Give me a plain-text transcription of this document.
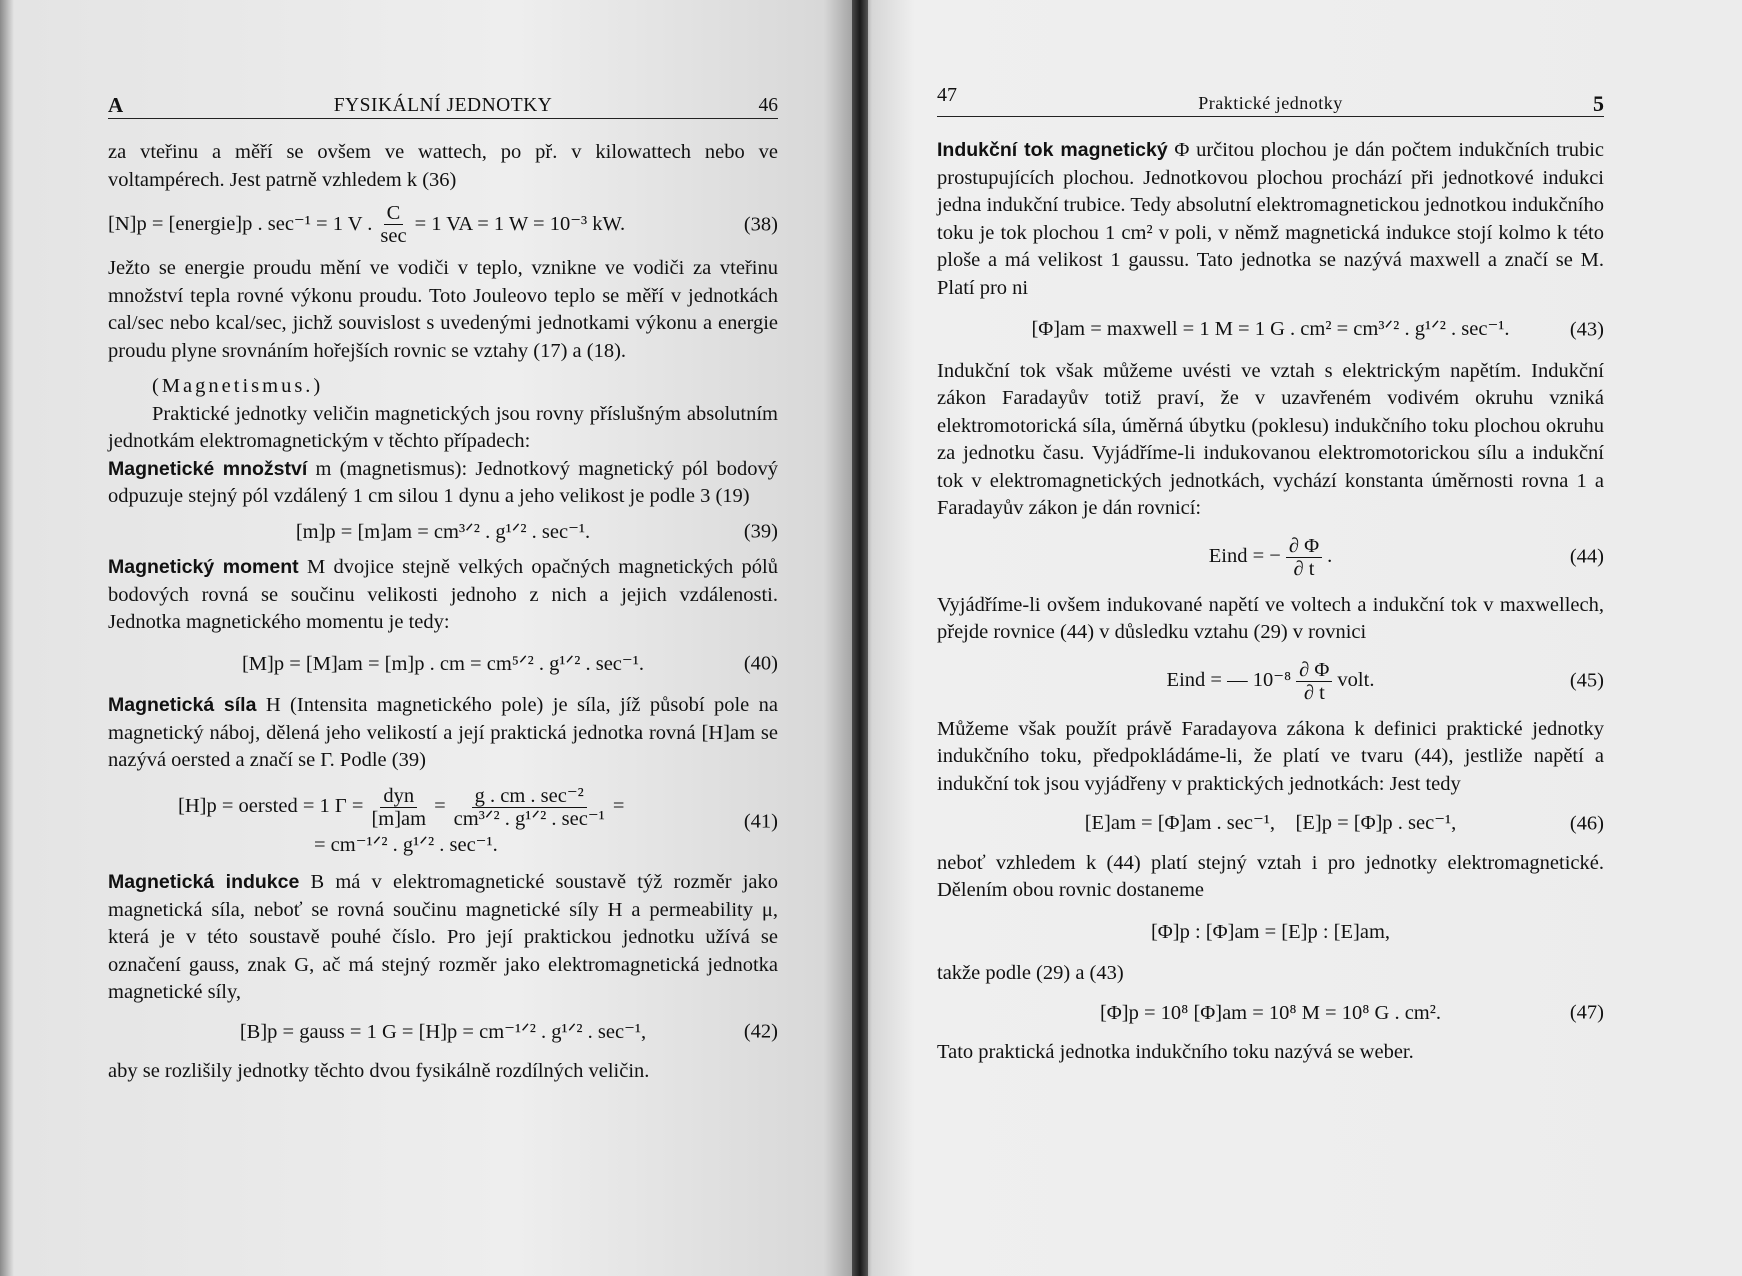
A	FYSIKÁLNÍ JEDNOTKY	46

za vteřinu a měří se ovšem ve wattech, po př. v kilowattech nebo ve voltampérech. Jest patrně vzhledem k (36)

[N]p = [energie]p . sec⁻¹ = 1 V . $\frac{C}{\sec} = 1$ VA = 1 W = 10⁻³ kW.	(38)

Ježto se energie proudu mění ve vodiči v teplo, vznikne ve vodiči za vteřinu množství tepla rovné výkonu proudu. Toto Jouleovo teplo se měří v jednotkách cal/sec nebo kcal/sec, jichž souvislost s uvedenými jednotkami výkonu a energie proudu plyne srovnáním hořejších rovnic se vztahy (17) a (18).

(Magnetismus.)

Praktické jednotky veličin magnetických jsou rovny příslušným absolutním jednotkám elektromagnetickým v těchto případech:

Magnetické množství m (magnetismus): Jednotkový magnetický pól bodový odpuzuje stejný pól vzdálený 1 cm silou 1 dynu a jeho velikost je podle 3 (19)

[m]p = [m]am = cm³ᐟ² . g¹ᐟ² . sec⁻¹.	(39)

Magnetický moment M dvojice stejně velkých opačných magnetických pólů bodových rovná se součinu velikosti jednoho z nich a jejich vzdálenosti. Jednotka magnetického momentu je tedy:

[M]p = [M]am = [m]p . cm = cm⁵ᐟ² . g¹ᐟ² . sec⁻¹.	(40)

Magnetická síla H (Intensita magnetického pole) je síla, jíž působí pole na magnetický náboj, dělená jeho velikostí a její praktická jednotka rovná [H]am se nazývá oersted a značí se Γ. Podle (39)

[H]p = oersted = 1 $\Gamma = \frac{\text{dyn}}{[m]am} = \frac{\text{g . cm . sec⁻²}}{\text{cm³ᐟ² . g¹ᐟ² . sec⁻¹}}$ =
= cm⁻¹ᐟ² . g¹ᐟ² . sec⁻¹.
(41)

Magnetická indukce B má v elektromagnetické soustavě týž rozměr jako magnetická síla, neboť se rovná součinu magnetické síly H a permeability μ, která je v této soustavě pouhé číslo. Pro její praktickou jednotku užívá se označení gauss, znak G, ač má stejný rozměr jako elektromagnetická jednotka magnetické síly,

[B]p = gauss = 1 G = [H]p = cm⁻¹ᐟ² . g¹ᐟ² . sec⁻¹,	(42)

aby se rozlišily jednotky těchto dvou fysikálně rozdílných veličin.

47	Praktické jednotky	5

Indukční tok magnetický Φ určitou plochou je dán počtem indukčních trubic prostupujících plochou. Jednotkovou plochou prochází při jednotkové indukci jedna indukční trubice. Tedy absolutní elektromagnetickou jednotkou indukčního toku je tok plochou 1 cm² v poli, v němž magnetická indukce stojí kolmo k této ploše a má velikost 1 gaussu. Tato jednotka se nazývá maxwell a značí se M. Platí pro ni

[Φ]am = maxwell = 1 M = 1 G . cm² = cm³ᐟ² . g¹ᐟ² . sec⁻¹.	(43)

Indukční tok však můžeme uvésti ve vztah s elektrickým napětím. Indukční zákon Faradayův totiž praví, že v uzavřeném vodivém okruhu vzniká elektromotorická síla, úměrná úbytku (poklesu) indukčního toku plochou okruhu za jednotku času. Vyjádříme-li indukovanou elektromotorickou sílu a indukční tok v elektromagnetických jednotkách, vychází konstanta úměrnosti rovna 1 a Faradayův zákon je dán rovnicí:

Eind = − $\frac{\partial \Phi}{\partial t}$ .	(44)

Vyjádříme-li ovšem indukované napětí ve voltech a indukční tok v maxwellech, přejde rovnice (44) v důsledku vztahu (29) v rovnici

Eind = — $10^{-8} \frac{\partial \Phi}{\partial t}$ volt.	(45)

Můžeme však použít právě Faradayova zákona k definici praktické jednotky indukčního toku, předpokládáme-li, že platí ve tvaru (44), jestliže napětí a indukční tok jsou vyjádřeny v praktických jednotkách: Jest tedy

[E]am = [Φ]am . sec⁻¹,    [E]p = [Φ]p . sec⁻¹,	(46)

neboť vzhledem k (44) platí stejný vztah i pro jednotky elektromagnetické. Dělením obou rovnic dostaneme

[Φ]p : [Φ]am = [E]p : [E]am,

takže podle (29) a (43)

[Φ]p = 10⁸ [Φ]am = 10⁸ M = 10⁸ G . cm².	(47)

Tato praktická jednotka indukčního toku nazývá se weber.
